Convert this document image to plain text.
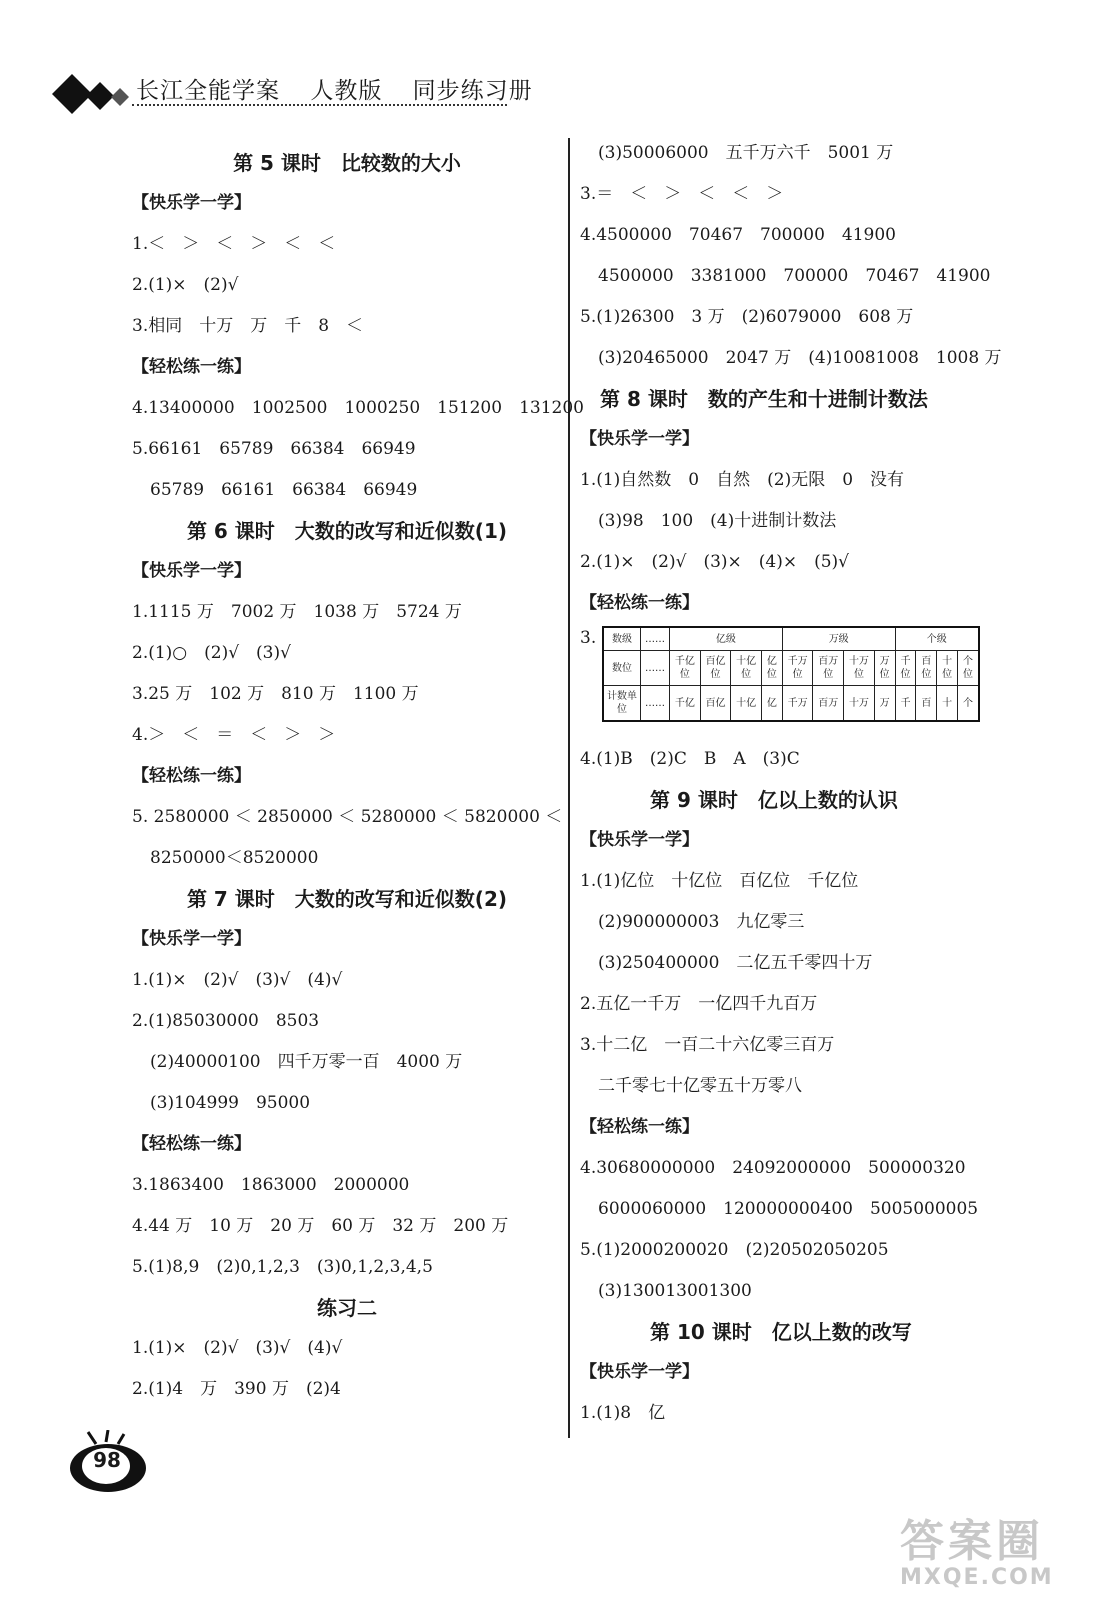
长江全能学案 人教版 同步练习册
第 5 课时　比较数的大小
【快乐学一学】
1.＜　＞　＜　＞　＜　＜
2.(1)×　(2)√
3.相同　十万　万　千　8　＜
【轻松练一练】
4.13400000　1002500　1000250　151200　131200
5.66161　65789　66384　66949
65789　66161　66384　66949
第 6 课时　大数的改写和近似数(1)
【快乐学一学】
1.1115 万　7002 万　1038 万　5724 万
2.(1)○　(2)√　(3)√
3.25 万　102 万　810 万　1100 万
4.＞　＜　＝　＜　＞　＞
【轻松练一练】
5. 2580000 ＜ 2850000 ＜ 5280000 ＜ 5820000 ＜
8250000＜8520000
第 7 课时　大数的改写和近似数(2)
【快乐学一学】
1.(1)×　(2)√　(3)√　(4)√
2.(1)85030000　8503
(2)40000100　四千万零一百　4000 万
(3)104999　95000
【轻松练一练】
3.1863400　1863000　2000000
4.44 万　10 万　20 万　60 万　32 万　200 万
5.(1)8,9　(2)0,1,2,3　(3)0,1,2,3,4,5
练习二
1.(1)×　(2)√　(3)√　(4)√
2.(1)4　万　390 万　(2)4
(3)50006000　五千万六千　5001 万
3.＝　＜　＞　＜　＜　＞
4.4500000　70467　700000　41900
4500000　3381000　700000　70467　41900
5.(1)26300　3 万　(2)6079000　608 万
(3)20465000　2047 万　(4)10081008　1008 万
第 8 课时　数的产生和十进制计数法
【快乐学一学】
1.(1)自然数　0　自然　(2)无限　0　没有
(3)98　100　(4)十进制计数法
2.(1)×　(2)√　(3)×　(4)×　(5)√
【轻松练一练】
3. 数级	……	亿级				万级				个级			
数位	……	千亿位	百亿位	十亿位	亿位	千万位	百万位	十万位	万位	千位	百位	十位	个位
计数单位	……	千亿	百亿	十亿	亿	千万	百万	十万	万	千	百	十	个
4.(1)B　(2)C　B　A　(3)C
第 9 课时　亿以上数的认识
【快乐学一学】
1.(1)亿位　十亿位　百亿位　千亿位
(2)900000003　九亿零三
(3)250400000　二亿五千零四十万
2.五亿一千万　一亿四千九百万
3.十二亿　一百二十六亿零三百万
二千零七十亿零五十万零八
【轻松练一练】
4.30680000000　24092000000　500000320
6000060000　120000000400　5005000005
5.(1)2000200020　(2)20502050205
(3)130013001300
第 10 课时　亿以上数的改写
【快乐学一学】
1.(1)8　亿
98
答案圈
MXQE.COM
